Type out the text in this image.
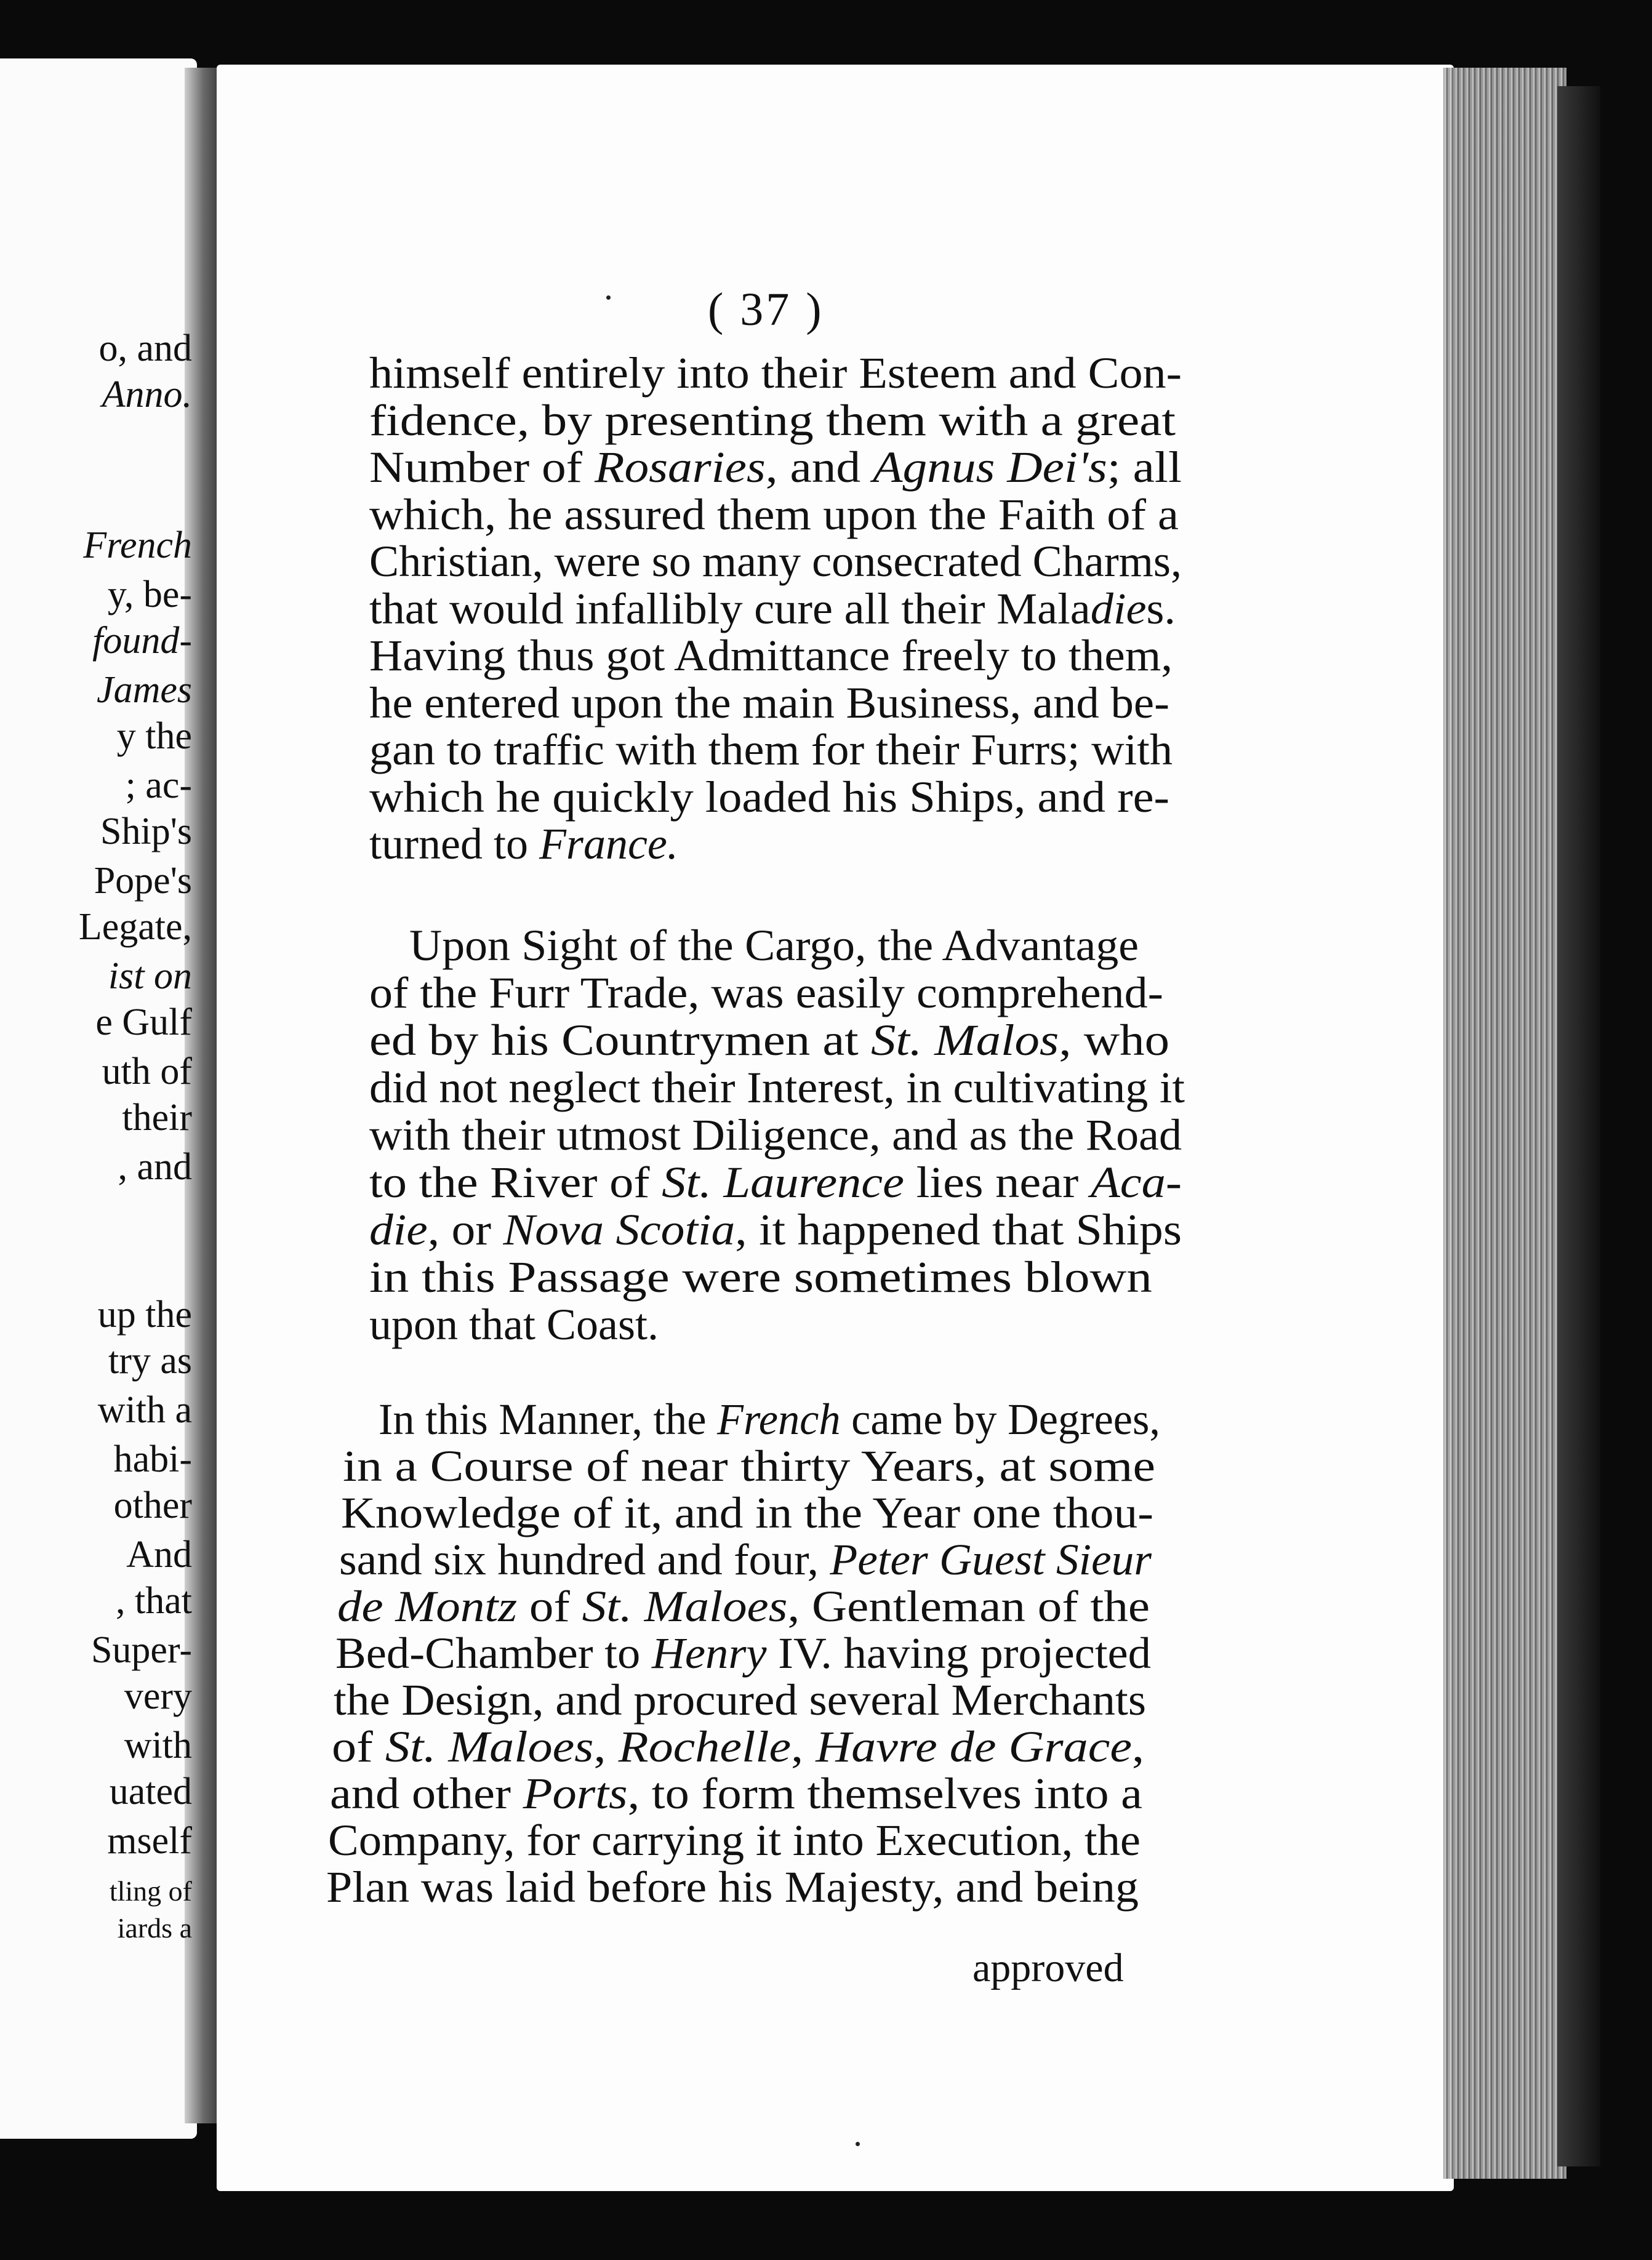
o, and
Anno.
French
y, be-
found-
James
y the
; ac-
Ship's
Pope's
Legate,
ist on
e Gulf
uth of
their
, and
up the
try as
with a
habi-
other
And
, that
Super-
very
with
uated
mself
tling of
iards a
( 37 )
himself entirely into their Esteem and Con-
fidence, by presenting them with a great
Number of Rosaries, and Agnus Dei's; all
which, he assured them upon the Faith of a
Christian, were so many consecrated Charms,
that would infallibly cure all their Maladies.
Having thus got Admittance freely to them,
he entered upon the main Business, and be-
gan to traffic with them for their Furrs; with
which he quickly loaded his Ships, and re-
turned to France.
Upon Sight of the Cargo, the Advantage
of the Furr Trade, was easily comprehend-
ed by his Countrymen at St. Malos, who
did not neglect their Interest, in cultivating it
with their utmost Diligence, and as the Road
to the River of St. Laurence lies near Aca-
die, or Nova Scotia, it happened that Ships
in this Passage were sometimes blown
upon that Coast.
In this Manner, the French came by Degrees,
in a Course of near thirty Years, at some
Knowledge of it, and in the Year one thou-
sand six hundred and four, Peter Guest Sieur
de Montz of St. Maloes, Gentleman of the
Bed-Chamber to Henry IV. having projected
the Design, and procured several Merchants
of St. Maloes, Rochelle, Havre de Grace,
and other Ports, to form themselves into a
Company, for carrying it into Execution, the
Plan was laid before his Majesty, and being
approved
